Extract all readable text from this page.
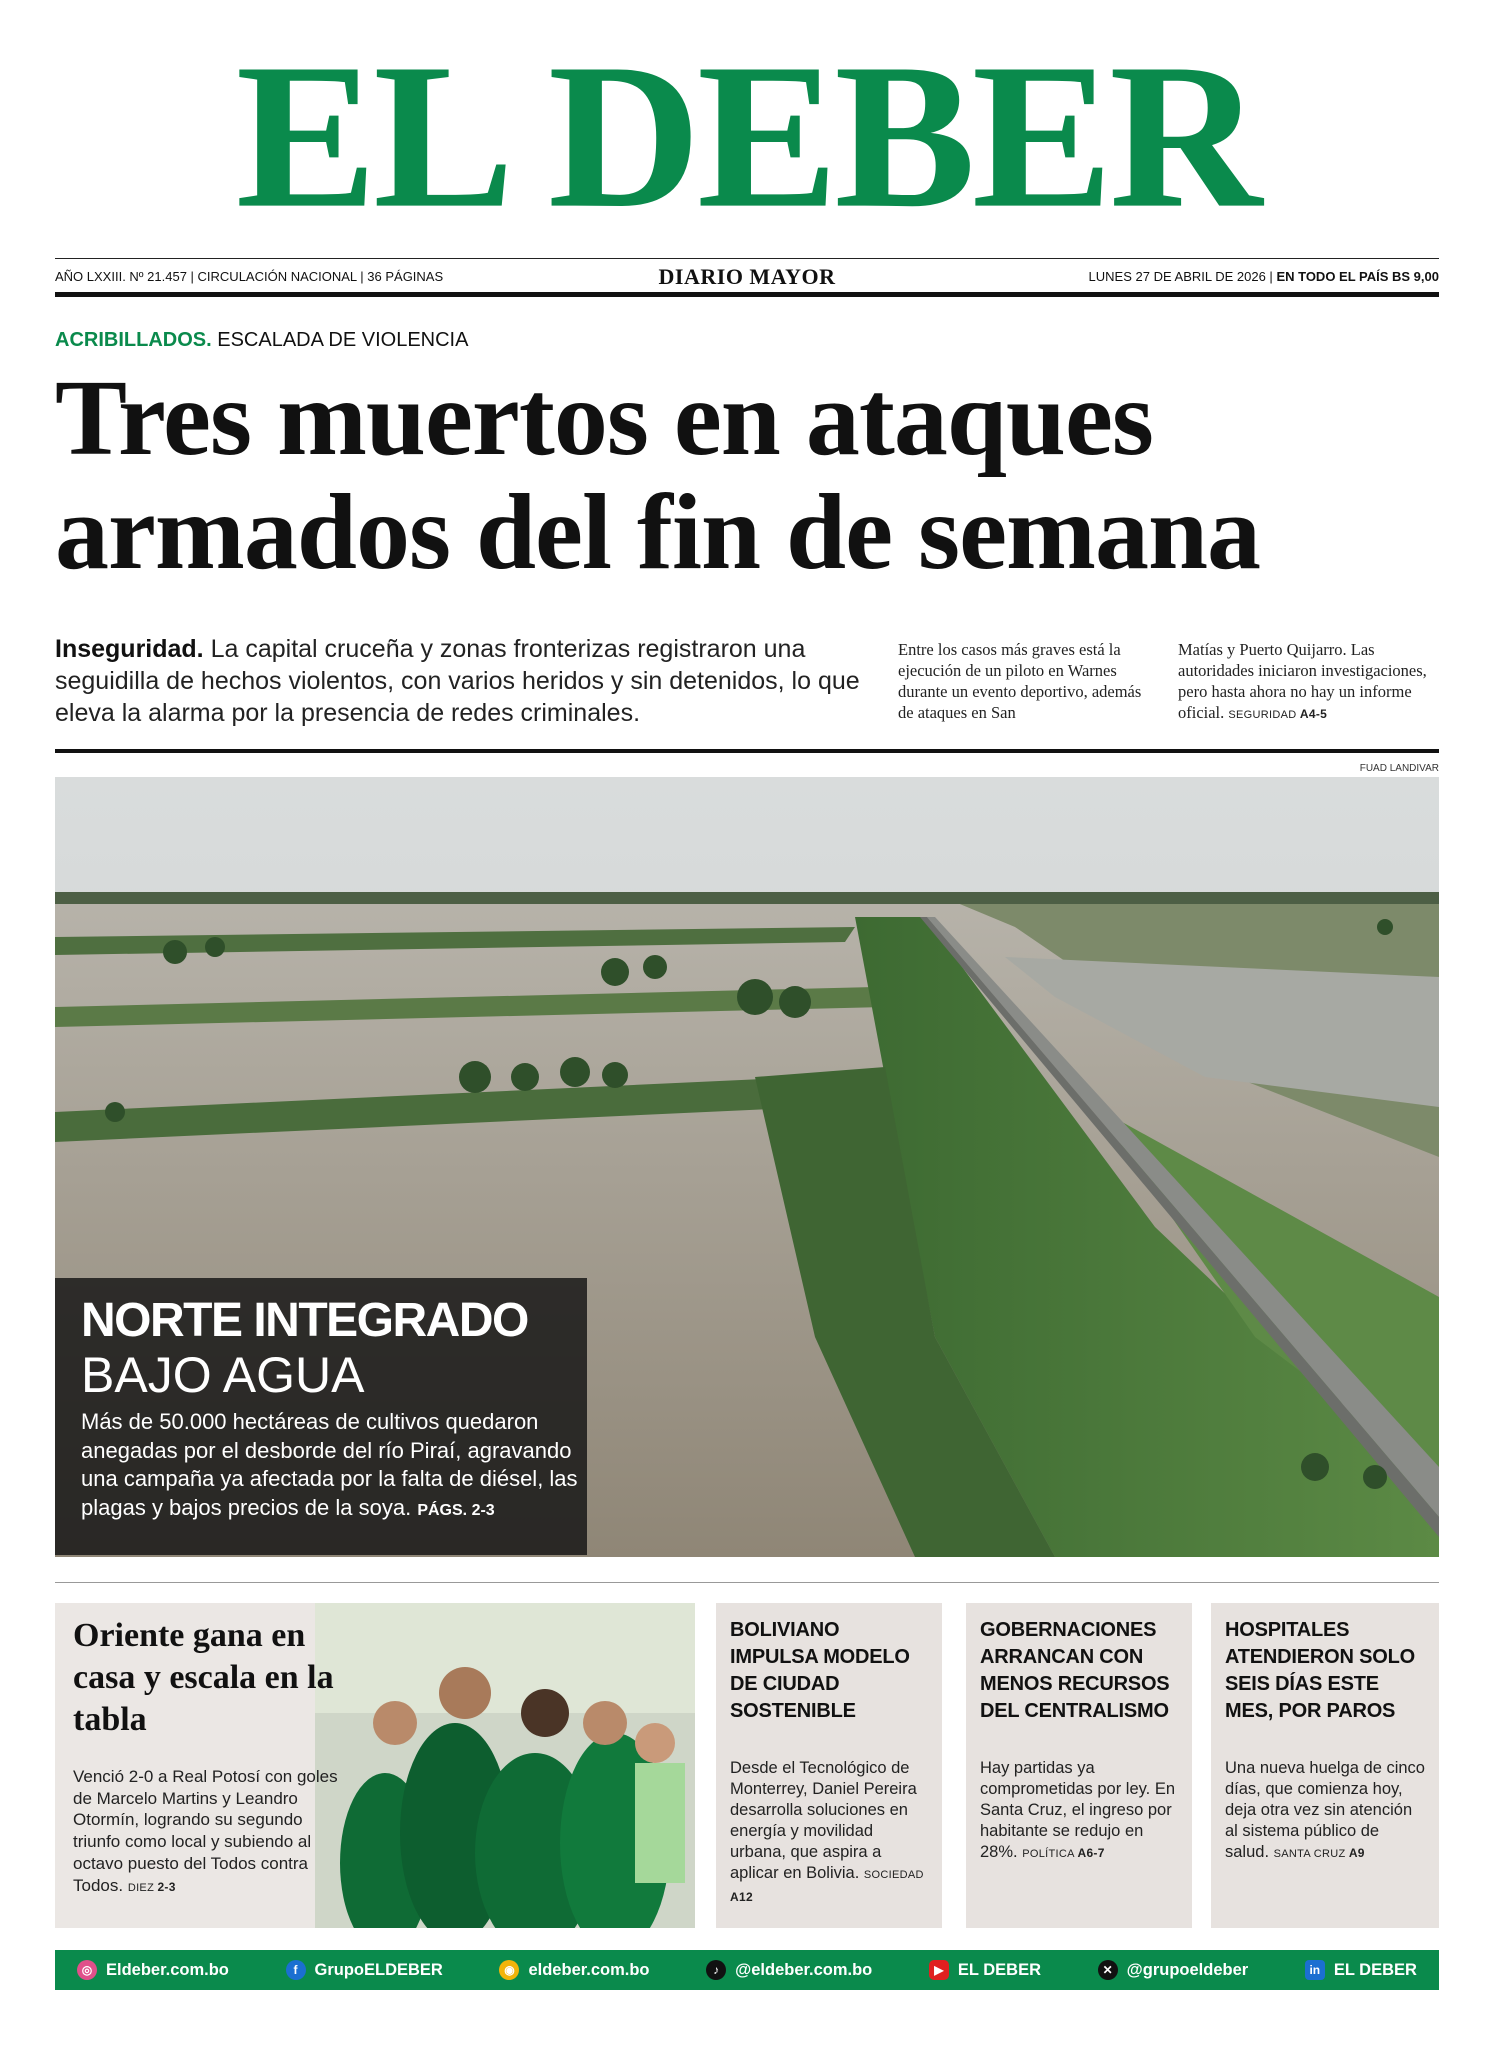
EL DEBER
AÑO LXXIII. Nº 21.457 | CIRCULACIÓN NACIONAL | 36 PÁGINAS	DIARIO MAYOR	LUNES 27 DE ABRIL DE 2026 | EN TODO EL PAÍS BS 9,00
ACRIBILLADOS. ESCALADA DE VIOLENCIA
Tres muertos en ataques
armados del fin de semana
Inseguridad. La capital cruceña y zonas fronterizas registraron una seguidilla de hechos violentos, con varios heridos y sin detenidos, lo que eleva la alarma por la presencia de redes criminales.
Entre los casos más graves está la ejecución de un piloto en Warnes durante un evento deportivo, además de ataques en San
Matías y Puerto Quijarro. Las autoridades iniciaron investigaciones, pero hasta ahora no hay un informe oficial. SEGURIDAD A4-5
FUAD LANDIVAR
NORTE INTEGRADO
BAJO AGUA
Más de 50.000 hectáreas de cultivos quedaron anegadas por el desborde del río Piraí, agravando una campaña ya afectada por la falta de diésel, las plagas y bajos precios de la soya. PÁGS. 2-3
Oriente gana en casa y escala en la tabla
Venció 2-0 a Real Potosí con goles de Marcelo Martins y Leandro Otormín, logrando su segundo triunfo como local y subiendo al octavo puesto del Todos contra Todos. DIEZ 2-3
BOLIVIANO IMPULSA MODELO DE CIUDAD SOSTENIBLE
Desde el Tecnológico de Monterrey, Daniel Pereira desarrolla soluciones en energía y movilidad urbana, que aspira a aplicar en Bolivia. SOCIEDAD A12
GOBERNACIONES ARRANCAN CON MENOS RECURSOS DEL CENTRALISMO
Hay partidas ya comprometidas por ley. En Santa Cruz, el ingreso por habitante se redujo en 28%. POLÍTICA A6-7
HOSPITALES ATENDIERON SOLO SEIS DÍAS ESTE MES, POR PAROS
Una nueva huelga de cinco días, que comienza hoy, deja otra vez sin atención al sistema público de salud. SANTA CRUZ A9
◎ Eldeber.com.bo	f	GrupoELDEBER	◉ eldeber.com.bo	♪ @eldeber.com.bo	▶ EL DEBER	✕ @grupoeldeber	in EL DEBER
